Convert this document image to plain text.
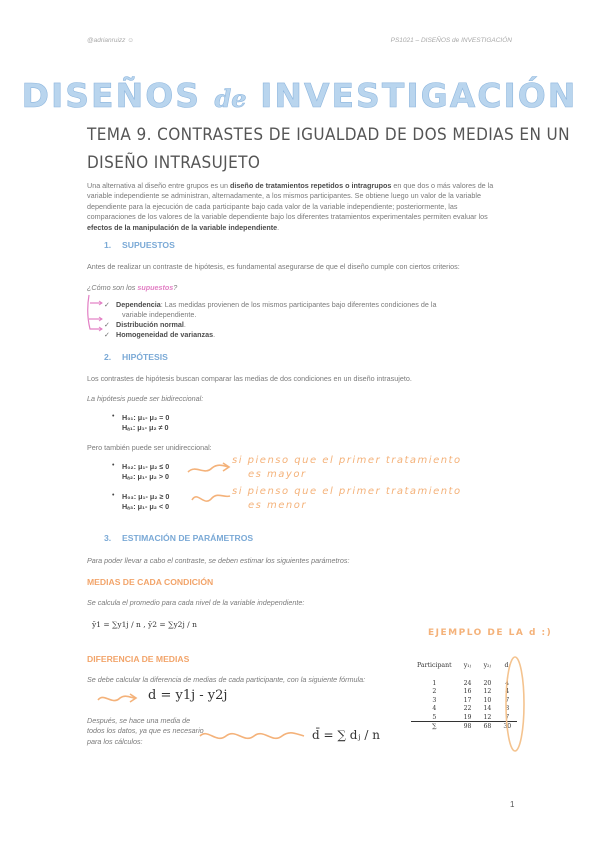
@adrianruizz ☺	PS1021 – DISEÑOS de INVESTIGACIÓN
DISEÑOS de INVESTIGACIÓN
TEMA 9. CONTRASTES DE IGUALDAD DE DOS MEDIAS EN UN
DISEÑO INTRASUJETO
Una alternativa al diseño entre grupos es un diseño de tratamientos repetidos o intragrupos en que dos o más valores de la variable independiente se administran, alternadamente, a los mismos participantes. Se obtiene luego un valor de la variable dependiente para la ejecución de cada participante bajo cada valor de la variable independiente; posteriormente, las comparaciones de los valores de la variable dependiente bajo los diferentes tratamientos experimentales permiten evaluar los efectos de la manipulación de la variable independiente.
1. SUPUESTOS
Antes de realizar un contraste de hipótesis, es fundamental asegurarse de que el diseño cumple con ciertos criterios:
¿Cómo son los supuestos?
✓ Dependencia: Las medidas provienen de los mismos participantes bajo diferentes condiciones de la
variable independiente.
✓ Distribución normal.
✓ Homogeneidad de varianzas.
2. HIPÓTESIS
Los contrastes de hipótesis buscan comparar las medias de dos condiciones en un diseño intrasujeto.
La hipótesis puede ser bidireccional:
• H₀₁: μ₁- μ₂ = 0
Hₐ₁: μ₁- μ₂ ≠ 0
Pero también puede ser unidireccional:
• H₀₂: μ₁- μ₂ ≤ 0
Hₐ₂: μ₁- μ₂ > 0
si pienso que el primer tratamiento
es mayor
• H₀₃: μ₁- μ₂ ≥ 0
Hₐ₃: μ₁- μ₂ < 0
si pienso que el primer tratamiento
es menor
3. ESTIMACIÓN DE PARÁMETROS
Para poder llevar a cabo el contraste, se deben estimar los siguientes parámetros:
MEDIAS DE CADA CONDICIÓN
Se calcula el promedio para cada nivel de la variable independiente:
ȳ1 = ∑y1j / n , ȳ2 = ∑y2j / n
DIFERENCIA DE MEDIAS
Se debe calcular la diferencia de medias de cada participante, con la siguiente fórmula:
d = y1j - y2j
Después, se hace una media de todos los datos, ya que es necesario para los cálculos:	d̄ = ∑ dⱼ / n
EJEMPLO DE LA d :)
Participant	y₁ⱼ	y₂ⱼ	dⱼ

1	24	20	4
2	16	12	4
3	17	10	7
4	22	14	8
5	19	12	7
∑	98	68	30
1
